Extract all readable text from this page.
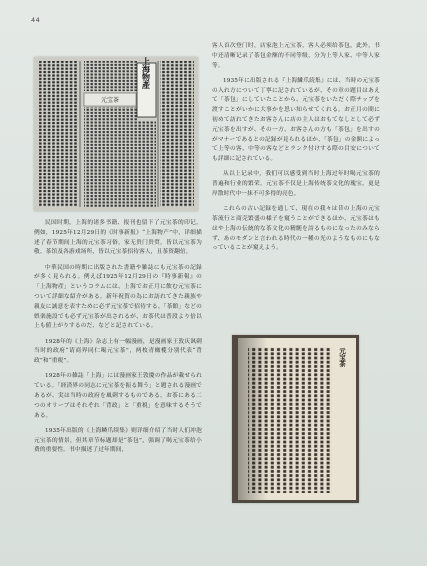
44
上海物產
元宝茶

民国时期，上海的诸多书籍、报刊也留下了元宝茶的印记。例如，1925年12月29日的《时事新报》“上海物产”中，详细描述了春节期间上海的元宝茶习俗，家无贵门贵贸，皆以元宝茶为敬。茶馆及各游戏场所，皆以元宝茶招待客人，且茶资翻倍。

中華民国の時期に出版された書籍や雑誌にも元宝茶の記録が多く見られる。例えば1925年12月29日の『時事新報』の「上海物産」というコラムには、上海でお正月に飲む元宝茶について詳細な紹介がある。新年祝賀の為にお訪れてきた親族や親友に誠意を表すために必ず元宝茶で招待する。「茶館」などの娯楽施設でも必ず元宝茶が出されるが、お茶代は普段より倍以上も値上がりするのだ、などと記されている。

1928年的《上海》杂志上有一幅漫画，是漫画家王敦庆讽刺当时的政府“请商界同仁喝元宝茶”，两枚青橄榄分别代表“背政”和“重税”。

1928年の雑誌「上海」には漫画家王敦慶の作品が載せられている。「経済界の同志に元宝茶を振る舞う」と題される漫画であるが、実は当時の政府を風刺するものである。お茶にある二つのオリーブはそれぞれ「背政」と「重税」を意味するそうである。

1935年出版的《上海鳞爪续集》则详细介绍了当时人们冲泡元宝茶的情景，但其章节标题却是“茶包”，强调了喝元宝茶给小费的重要性。书中描述了过年期间，

客人首次登门时，店家泡上元宝茶，客人必须给茶包，此外，书中还清晰记录了茶包金额的不同等级，分为上等人家、中等人家等。

1935年に出版される『上海鱗爪続集』には、当時の元宝茶の入れ方について丁寧に記されているが、その章の題目はあえて「茶包」にしていたことから、元宝茶をいただく際チップを渡すことがいかに大事かを思い知らせてくれる。お正月の間に初めて訪れてきたお客さんに店の主人はおもてなしとして必ず元宝茶を出すが、その一方、お客さんの方も「茶包」を出すのがマナーであるとの記録が見られるほか、「茶包」の金額によって上等の客、中等の客などとランク付けする際の目安についても詳細に記されている。

从以上记录中，我们可以感受到当时上海过年时喝元宝茶的普遍和行业的繁荣。元宝茶不仅是上海传统茶文化的瑰宝，更是岸散时代中一抹不可多得的亮色。

これらの古い記録を通して、現在の我々は昔の上海の元宝茶流行と商売繁盛の様子を窺うことができるほか、元宝茶はもはや上海の伝統的な茶文化の精髄を詩るものになったのみならず、あのモダンと言われる時代の一種の光のようなものにもなっていることが窺えよう。
